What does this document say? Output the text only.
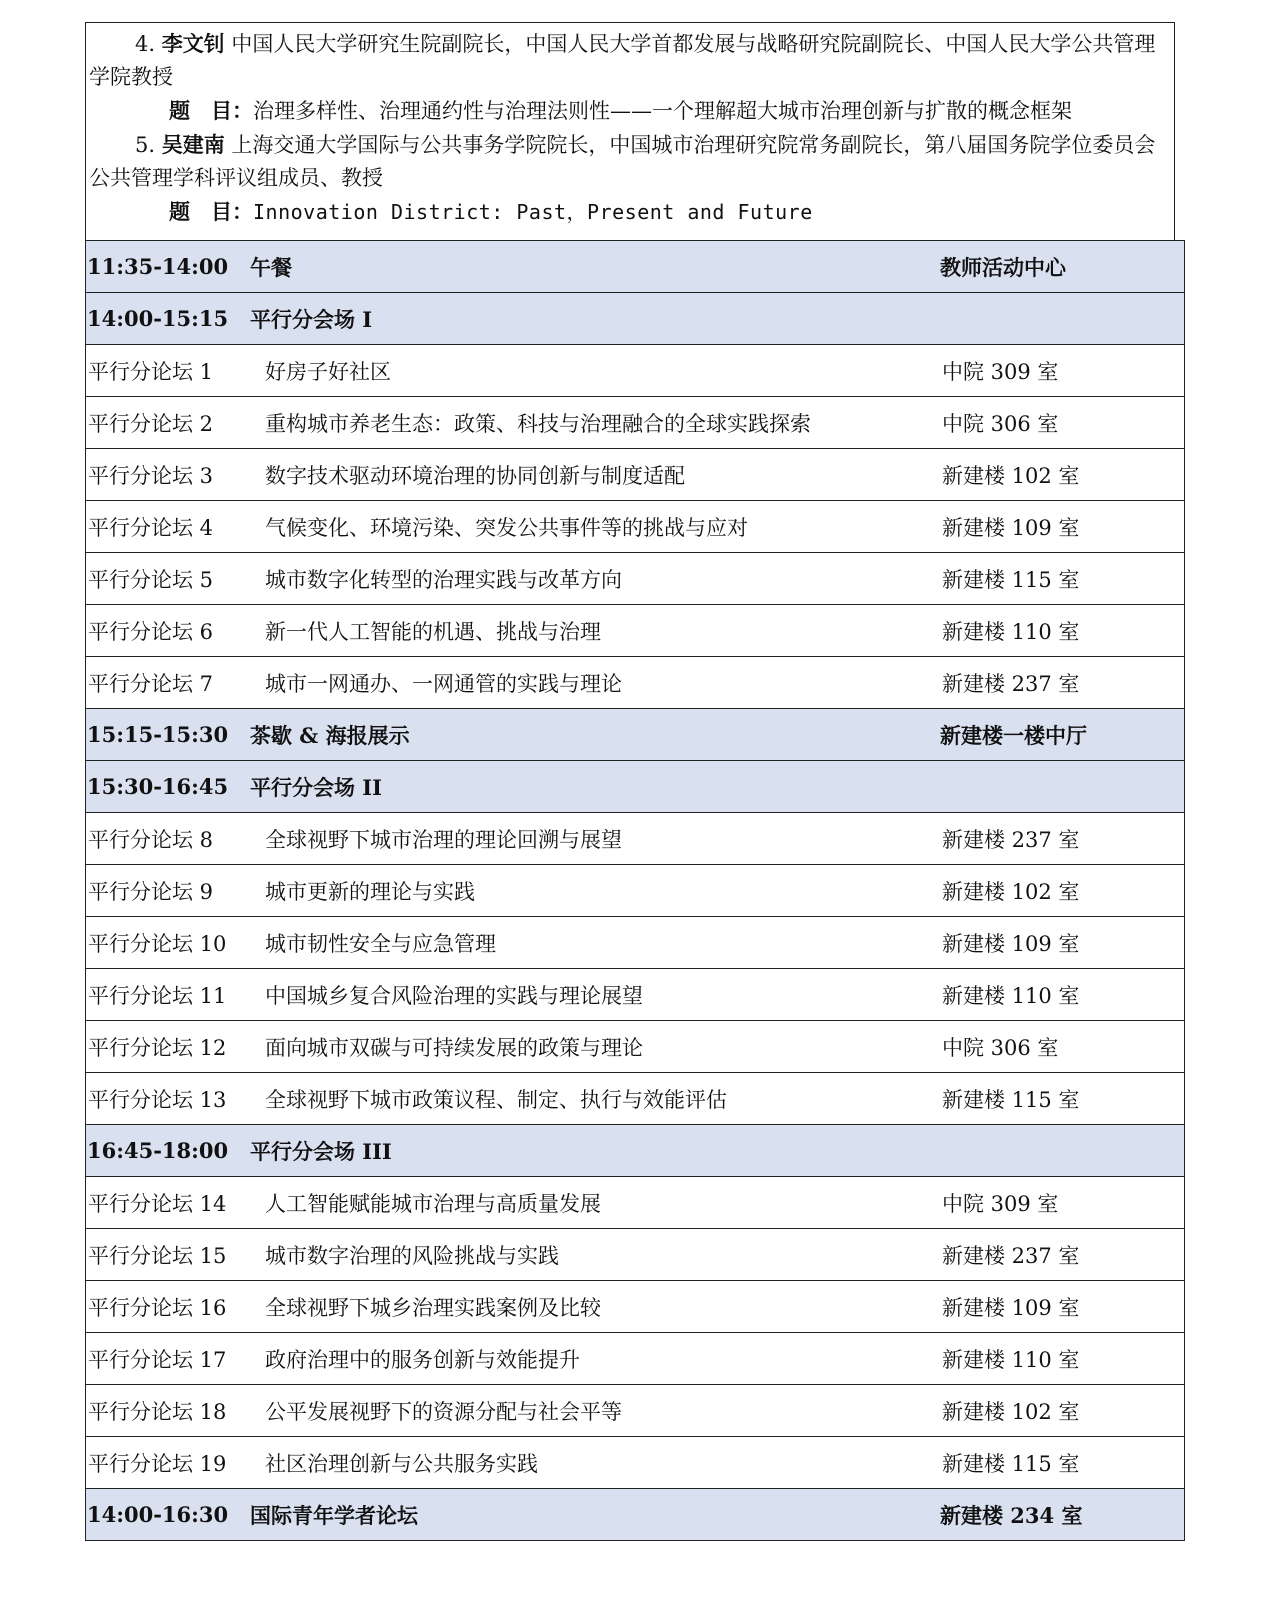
4. 李文钊 中国人民大学研究生院副院长，中国人民大学首都发展与战略研究院副院长、中国人民大学公共管理学院教授

题　目：治理多样性、治理通约性与治理法则性——一个理解超大城市治理创新与扩散的概念框架

5. 吴建南 上海交通大学国际与公共事务学院院长，中国城市治理研究院常务副院长，第八届国务院学位委员会公共管理学科评议组成员、教授

题　目：Innovation District: Past，Present and Future

11:35-14:00	午餐	教师活动中心
14:00-15:15	平行分会场 I	
平行分论坛 1	好房子好社区	中院 309 室
平行分论坛 2	重构城市养老生态：政策、科技与治理融合的全球实践探索	中院 306 室
平行分论坛 3	数字技术驱动环境治理的协同创新与制度适配	新建楼 102 室
平行分论坛 4	气候变化、环境污染、突发公共事件等的挑战与应对	新建楼 109 室
平行分论坛 5	城市数字化转型的治理实践与改革方向	新建楼 115 室
平行分论坛 6	新一代人工智能的机遇、挑战与治理	新建楼 110 室
平行分论坛 7	城市一网通办、一网通管的实践与理论	新建楼 237 室
15:15-15:30	茶歇 & 海报展示	新建楼一楼中厅
15:30-16:45	平行分会场 II	
平行分论坛 8	全球视野下城市治理的理论回溯与展望	新建楼 237 室
平行分论坛 9	城市更新的理论与实践	新建楼 102 室
平行分论坛 10	城市韧性安全与应急管理	新建楼 109 室
平行分论坛 11	中国城乡复合风险治理的实践与理论展望	新建楼 110 室
平行分论坛 12	面向城市双碳与可持续发展的政策与理论	中院 306 室
平行分论坛 13	全球视野下城市政策议程、制定、执行与效能评估	新建楼 115 室
16:45-18:00	平行分会场 III	
平行分论坛 14	人工智能赋能城市治理与高质量发展	中院 309 室
平行分论坛 15	城市数字治理的风险挑战与实践	新建楼 237 室
平行分论坛 16	全球视野下城乡治理实践案例及比较	新建楼 109 室
平行分论坛 17	政府治理中的服务创新与效能提升	新建楼 110 室
平行分论坛 18	公平发展视野下的资源分配与社会平等	新建楼 102 室
平行分论坛 19	社区治理创新与公共服务实践	新建楼 115 室
14:00-16:30	国际青年学者论坛	新建楼 234 室
